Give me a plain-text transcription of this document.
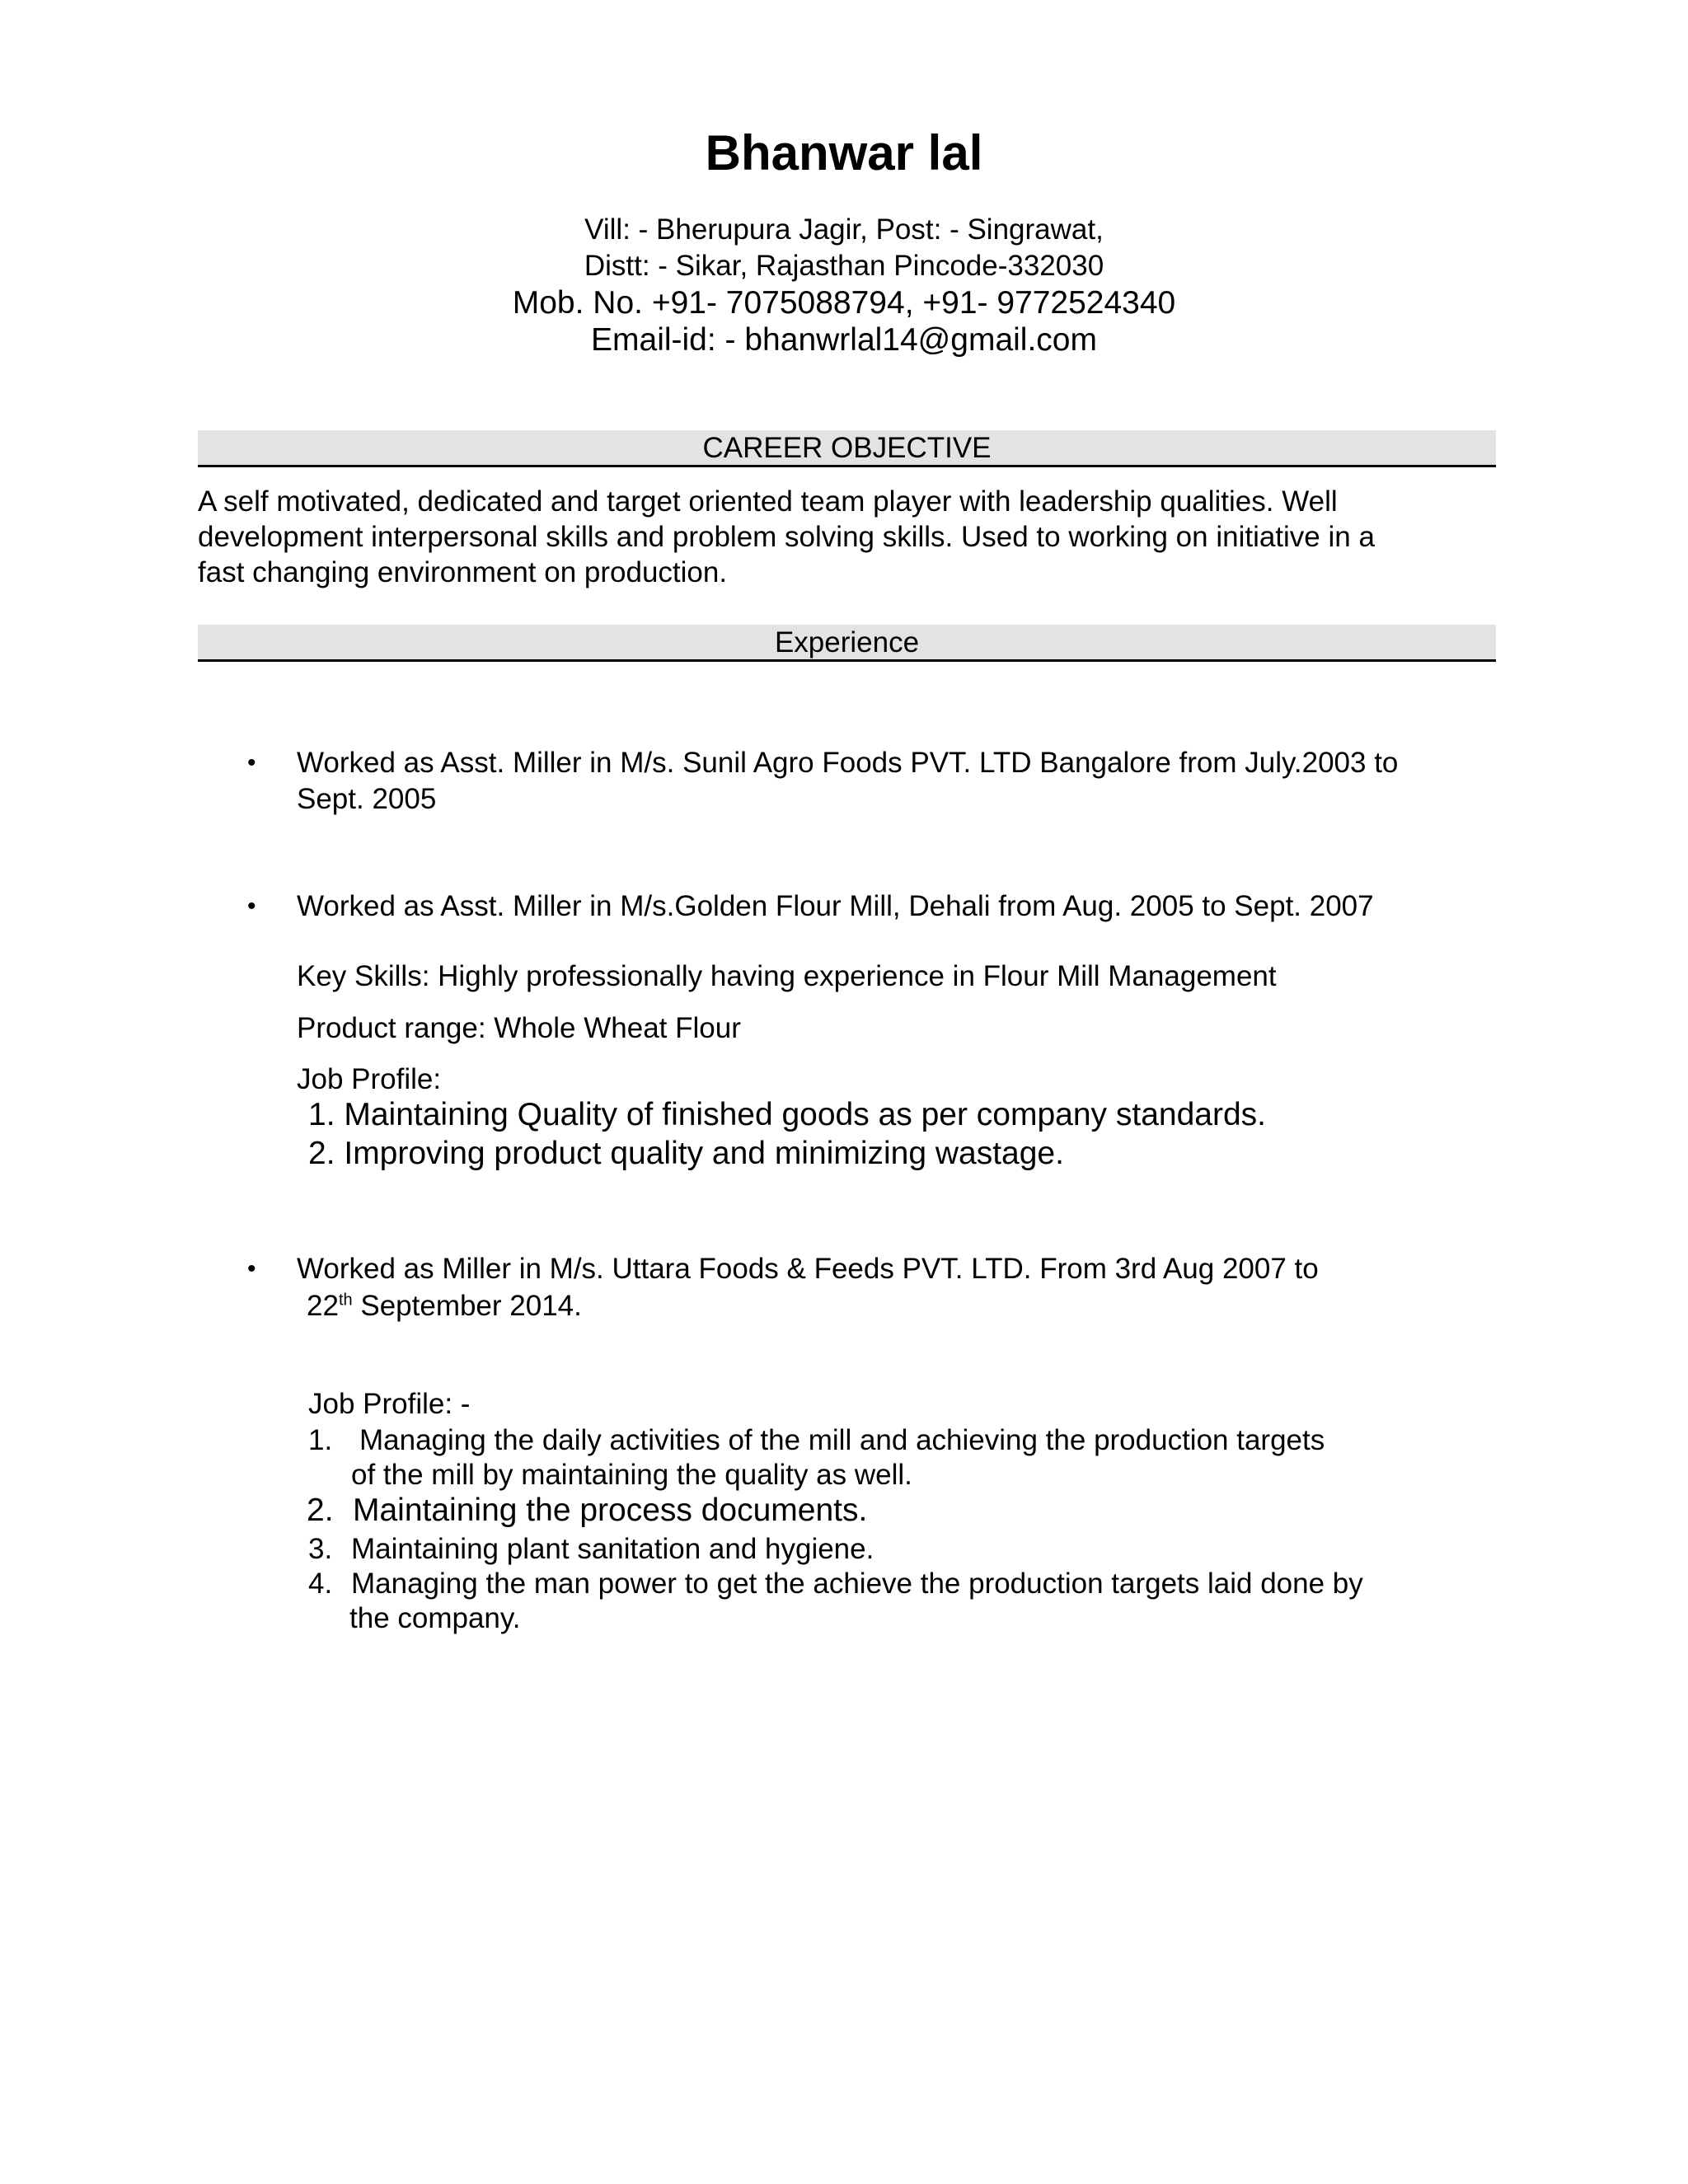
Bhanwar lal
Vill: - Bherupura Jagir, Post: - Singrawat,
Distt: - Sikar, Rajasthan Pincode-332030
Mob. No. +91- 7075088794, +91- 9772524340
Email-id: - bhanwrlal14@gmail.com
CAREER OBJECTIVE
A self motivated, dedicated and target oriented team player with leadership qualities. Well
development interpersonal skills and problem solving skills. Used to working on initiative in a
fast changing environment on production.
Experience
• Worked as Asst. Miller in M/s. Sunil Agro Foods PVT. LTD Bangalore from July.2003 to
Sept. 2005
• Worked as Asst. Miller in M/s.Golden Flour Mill, Dehali from Aug. 2005 to Sept. 2007
Key Skills: Highly professionally having experience in Flour Mill Management
Product range: Whole Wheat Flour
Job Profile:
1. Maintaining Quality of finished goods as per company standards.
2. Improving product quality and minimizing wastage.
• Worked as Miller in M/s. Uttara Foods & Feeds PVT. LTD. From 3rd Aug 2007 to
22th September 2014.
Job Profile: -
1. Managing the daily activities of the mill and achieving the production targets
of the mill by maintaining the quality as well.
2. Maintaining the process documents.
3. Maintaining plant sanitation and hygiene.
4. Managing the man power to get the achieve the production targets laid done by
the company.
